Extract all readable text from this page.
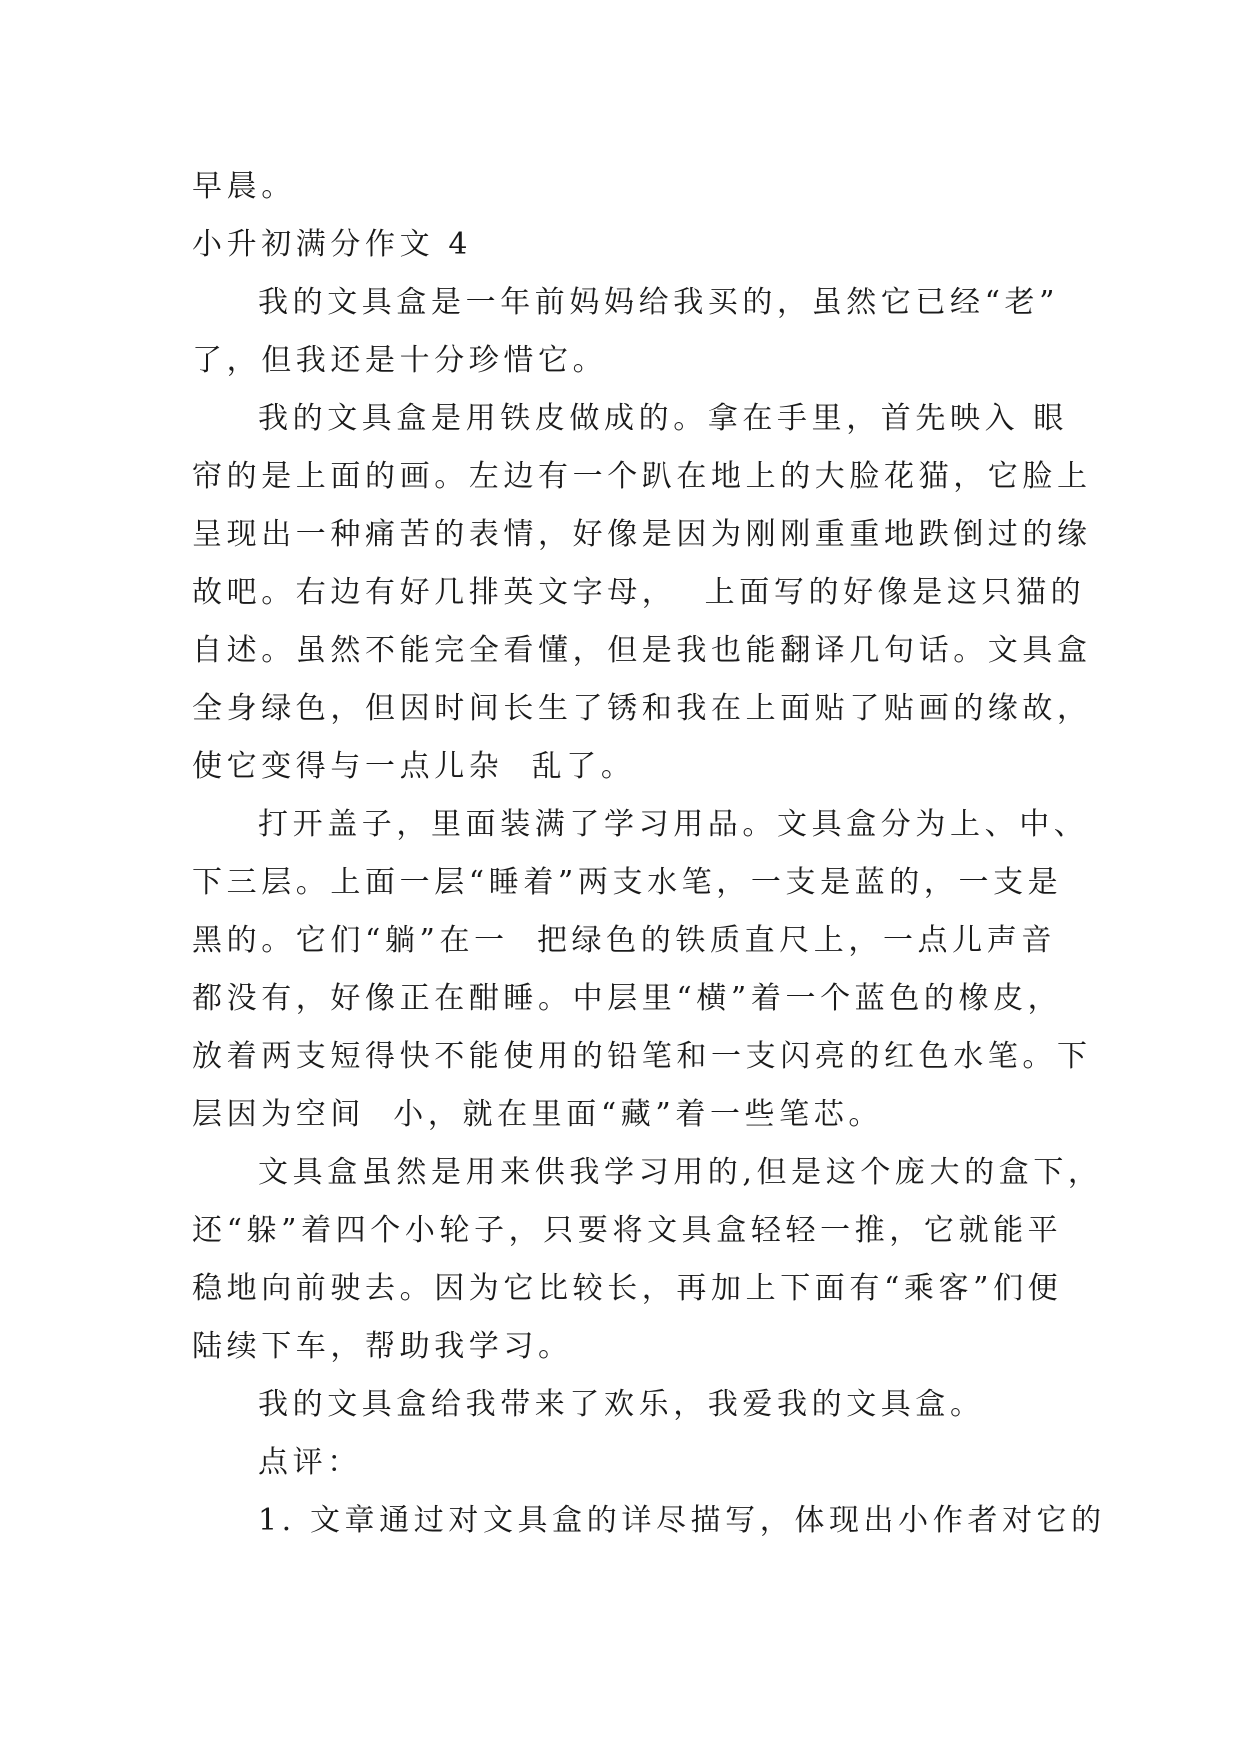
早晨。
小升初满分作文 4
我的文具盒是一年前妈妈给我买的，虽然它已经“老”
了，但我还是十分珍惜它。
我的文具盒是用铁皮做成的。拿在手里，首先映入 眼
帘的是上面的画。左边有一个趴在地上的大脸花猫，它脸上
呈现出一种痛苦的表情，好像是因为刚刚重重地跌倒过的缘
故吧。右边有好几排英文字母，  上面写的好像是这只猫的
自述。虽然不能完全看懂，但是我也能翻译几句话。文具盒
全身绿色，但因时间长生了锈和我在上面贴了贴画的缘故，
使它变得与一点儿杂  乱了。
打开盖子，里面装满了学习用品。文具盒分为上、中、
下三层。上面一层“睡着”两支水笔，一支是蓝的，一支是
黑的。它们“躺”在一  把绿色的铁质直尺上，一点儿声音
都没有，好像正在酣睡。中层里“横”着一个蓝色的橡皮，
放着两支短得快不能使用的铅笔和一支闪亮的红色水笔。下
层因为空间  小，就在里面“藏”着一些笔芯。
文具盒虽然是用来供我学习用的,但是这个庞大的盒下，
还“躲”着四个小轮子，只要将文具盒轻轻一推，它就能平
稳地向前驶去。因为它比较长，再加上下面有“乘客”们便
陆续下车，帮助我学习。
我的文具盒给我带来了欢乐，我爱我的文具盒。
点评：
1. 文章通过对文具盒的详尽描写，体现出小作者对它的
